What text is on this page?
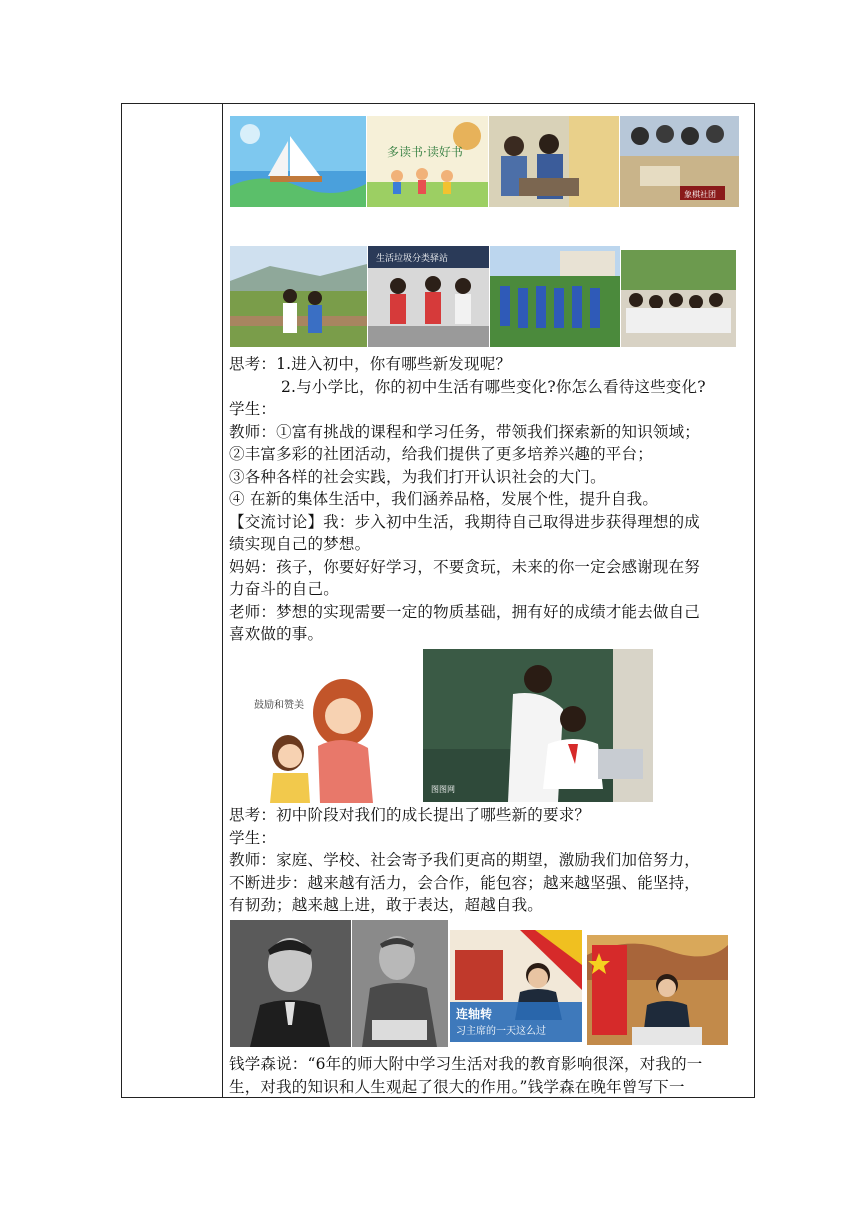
多读书·读好书
象棋社团
生活垃圾分类驿站

思考：1.进入初中，你有哪些新发现呢？

2.与小学比，你的初中生活有哪些变化?你怎么看待这些变化?

学生：

教师：①富有挑战的课程和学习任务，带领我们探索新的知识领域；

②丰富多彩的社团活动，给我们提供了更多培养兴趣的平台；

③各种各样的社会实践，为我们打开认识社会的大门。

④ 在新的集体生活中，我们涵养品格，发展个性，提升自我。

【交流讨论】我：步入初中生活，我期待自己取得进步获得理想的成

绩实现自己的梦想。

妈妈：孩子，你要好好学习，不要贪玩，未来的你一定会感谢现在努

力奋斗的自己。

老师：梦想的实现需要一定的物质基础，拥有好的成绩才能去做自己

喜欢做的事。

鼓励和赞美
图图网

思考：初中阶段对我们的成长提出了哪些新的要求？

学生：

教师：家庭、学校、社会寄予我们更高的期望，激励我们加倍努力，

不断进步：越来越有活力，会合作，能包容；越来越坚强、能坚持，

有韧劲；越来越上进，敢于表达，超越自我。

连轴转
习主席的一天这么过

钱学森说：“6年的师大附中学习生活对我的教育影响很深，对我的一

生，对我的知识和人生观起了很大的作用。”钱学森在晚年曾写下一
